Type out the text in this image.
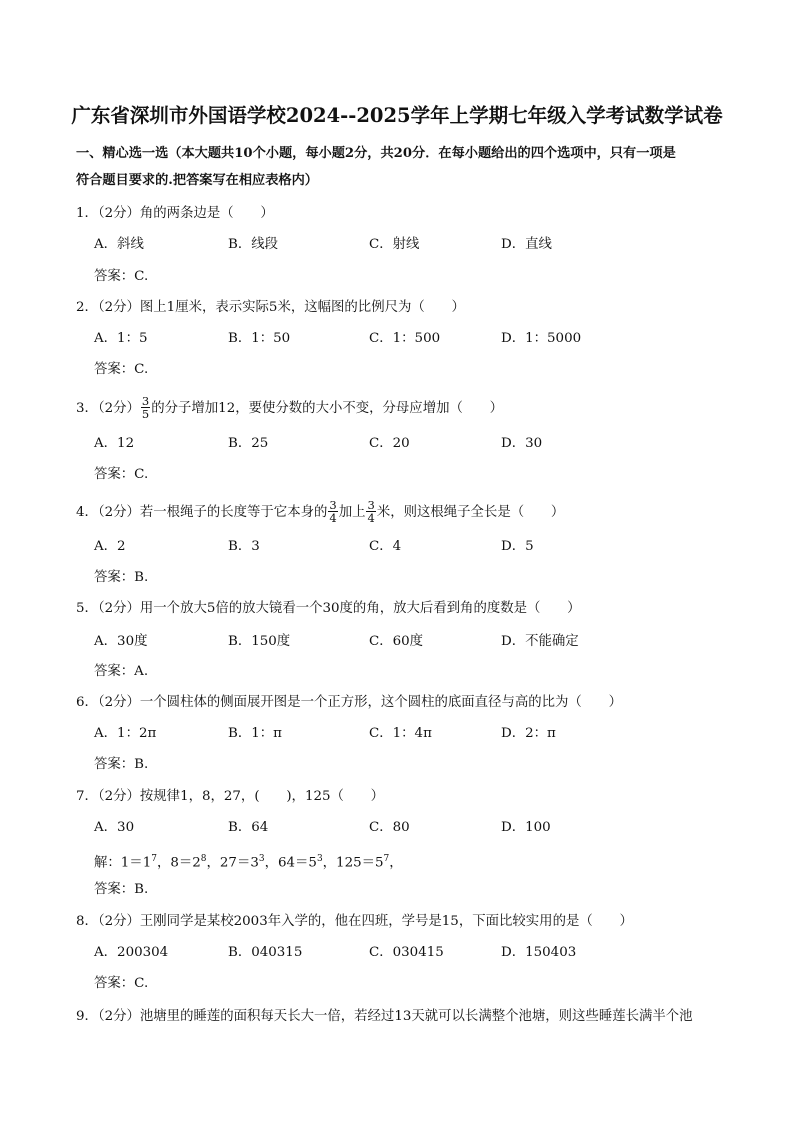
广东省深圳市外国语学校2024--2025学年上学期七年级入学考试数学试卷
一、精心选一选（本大题共10个小题，每小题2分，共20分．在每小题给出的四个选项中，只有一项是
符合题目要求的.把答案写在相应表格内）
1．（2分）角的两条边是（　　）
A．斜线	B．线段	C．射线	D．直线
答案：C.
2．（2分）图上1厘米，表示实际5米，这幅图的比例尺为（　　）
A．1：5	B．1：50	C．1：500	D．1：5000
答案：C.
3．（2分） $\frac{3}{5}$ 的分子增加12，要使分数的大小不变，分母应增加（　　）
A．12	B．25	C．20	D．30
答案：C.
4．（2分）若一根绳子的长度等于它本身的 $\frac{3}{4}$ 加上 $\frac{3}{4}$ 米，则这根绳子全长是（　　）
A．2	B．3	C．4	D．5
答案：B.
5．（2分）用一个放大5倍的放大镜看一个30度的角，放大后看到角的度数是（　　）
A．30度	B．150度	C．60度	D．不能确定
答案：A.
6．（2分）一个圆柱体的侧面展开图是一个正方形，这个圆柱的底面直径与高的比为（　　）
A．1：2π	B．1：π	C．1：4π	D．2：π
答案：B.
7．（2分）按规律1，8，27，(　　)，125（　　）
A．30	B．64	C．80	D．100
解：$1=1^7$，$8=2^8$，$27=3^3$，$64=5^3$，$125=5^7$，
答案：B.
8．（2分）王刚同学是某校2003年入学的，他在四班，学号是15，下面比较实用的是（　　）
A．200304	B．040315	C．030415	D．150403
答案：C.
9．（2分）池塘里的睡莲的面积每天长大一倍，若经过13天就可以长满整个池塘，则这些睡莲长满半个池
